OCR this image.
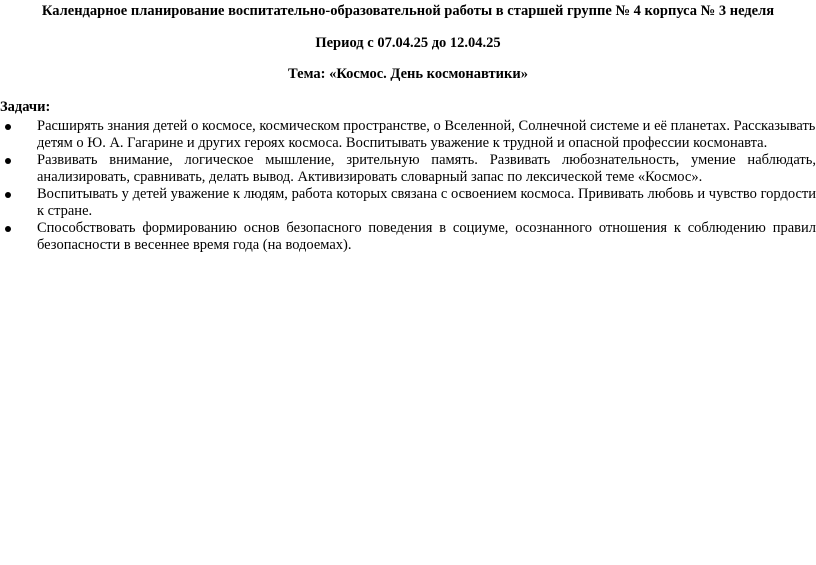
Календарное планирование воспитательно-образовательной работы в старшей группе № 4 корпуса № 3 неделя

Период с 07.04.25 до 12.04.25

Тема: «Космос. День космонавтики»

Задачи:

Расширять знания детей о космосе, космическом пространстве, о Вселенной, Солнечной системе и её планетах. Рассказывать детям о Ю. А. Гагарине и других героях космоса. Воспитывать уважение к трудной и опасной профессии космонавта.
Развивать внимание, логическое мышление, зрительную память. Развивать любознательность, умение наблюдать, анализировать, сравнивать, делать вывод. Активизировать словарный запас по лексической теме «Космос».
Воспитывать у детей уважение к людям, работа которых связана с освоением космоса. Прививать любовь и чувство гордости к стране.
Способствовать формированию основ безопасного поведения в социуме, осознанного отношения к соблюдению правил безопасности в весеннее время года (на водоемах).
